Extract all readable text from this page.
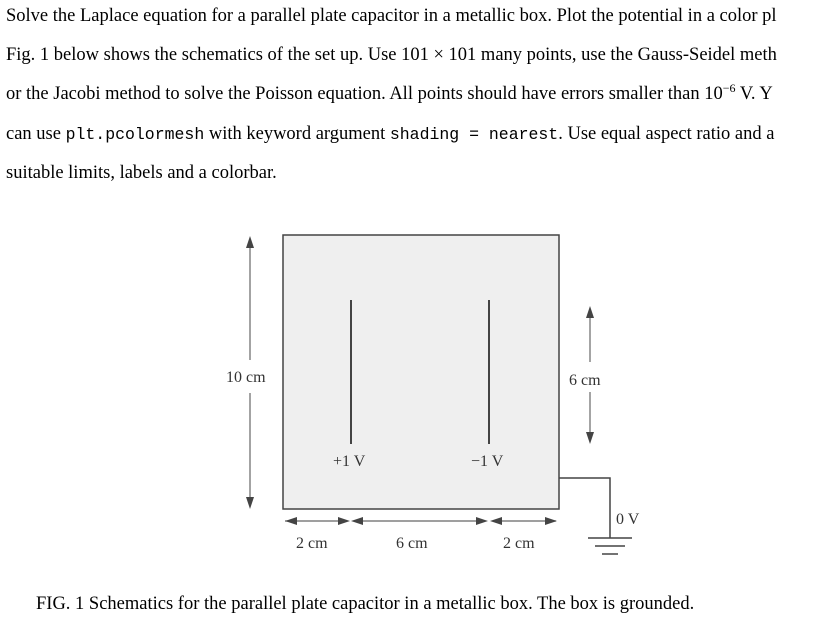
Solve the Laplace equation for a parallel plate capacitor in a metallic box. Plot the potential in a color pl
Fig. 1 below shows the schematics of the set up. Use 101 × 101 many points, use the Gauss-Seidel meth
or the Jacobi method to solve the Poisson equation. All points should have errors smaller than $10^{-6}$ V. Y
can use plt.pcolormesh with keyword argument shading = nearest. Use equal aspect ratio and a
suitable limits, labels and a colorbar.
10 cm	6 cm
+1 V	−1 V
2 cm	6 cm	2 cm
0 V
FIG. 1 Schematics for the parallel plate capacitor in a metallic box. The box is grounded.
